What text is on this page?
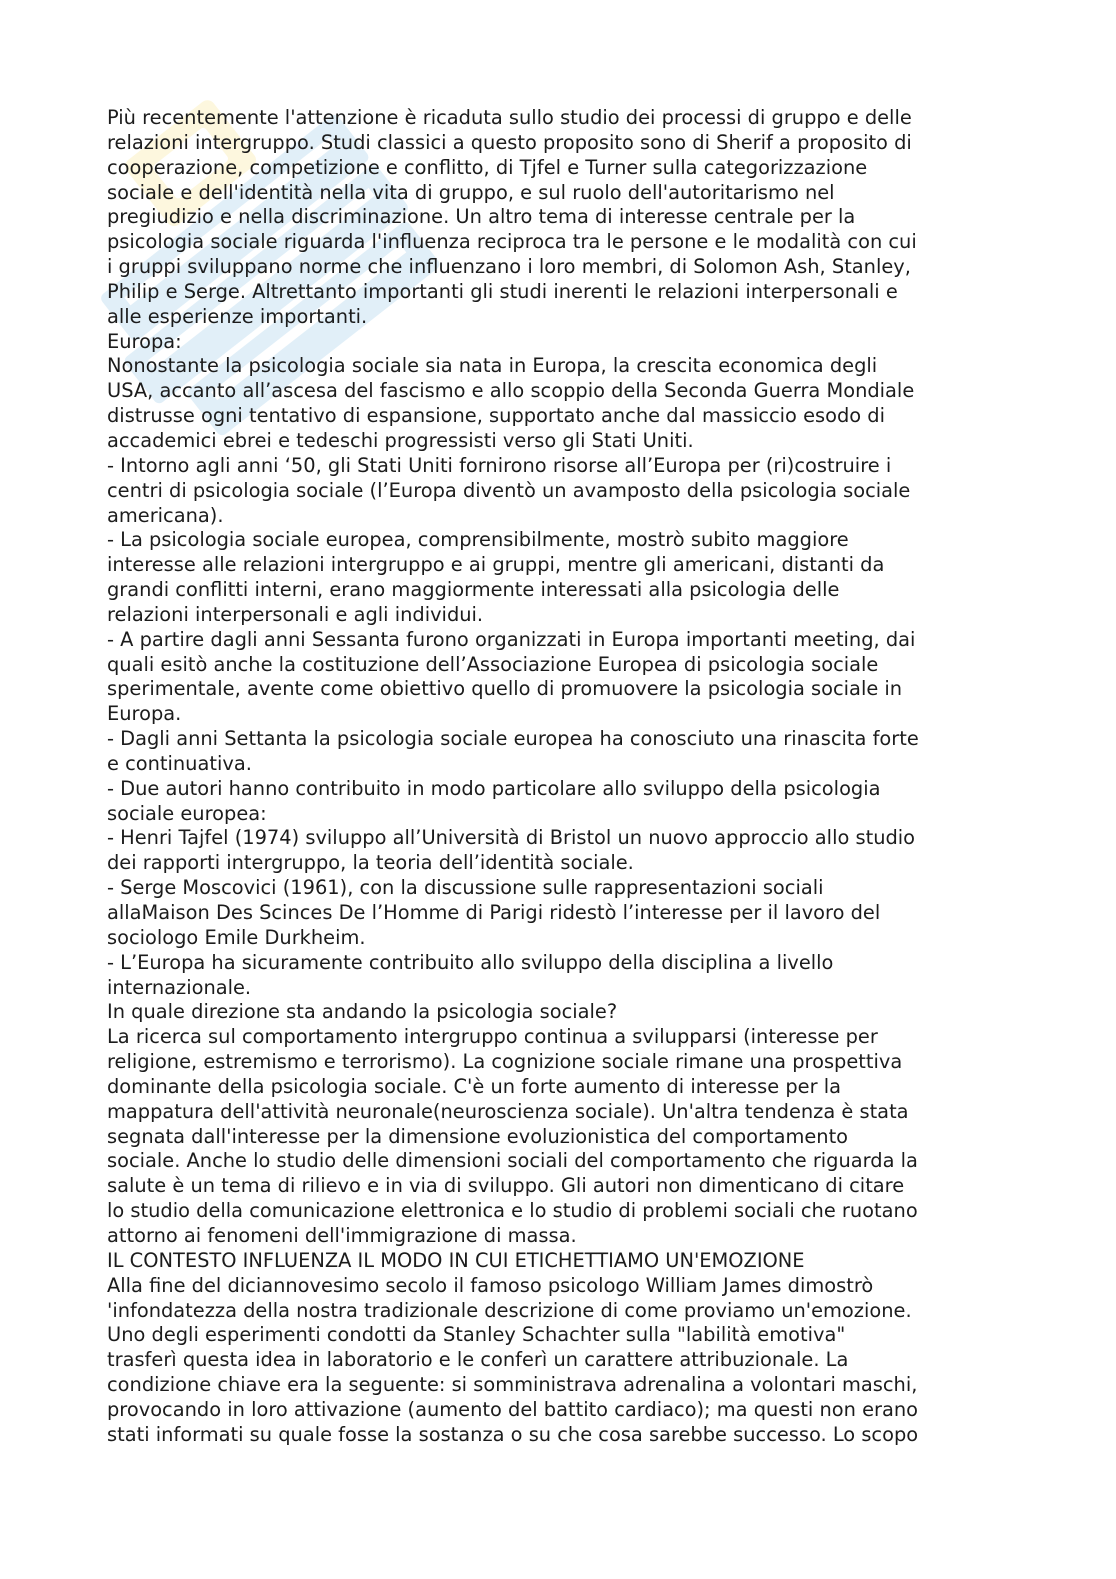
Più recentemente l'attenzione è ricaduta sullo studio dei processi di gruppo e delle

relazioni intergruppo. Studi classici a questo proposito sono di Sherif a proposito di

cooperazione, competizione e conflitto, di Tjfel e Turner sulla categorizzazione

sociale e dell'identità nella vita di gruppo, e sul ruolo dell'autoritarismo nel

pregiudizio e nella discriminazione. Un altro tema di interesse centrale per la

psicologia sociale riguarda l'influenza reciproca tra le persone e le modalità con cui

i gruppi sviluppano norme che influenzano i loro membri, di Solomon Ash, Stanley,

Philip e Serge. Altrettanto importanti gli studi inerenti le relazioni interpersonali e

alle esperienze importanti.

Europa:

Nonostante la psicologia sociale sia nata in Europa, la crescita economica degli

USA, accanto all’ascesa del fascismo e allo scoppio della Seconda Guerra Mondiale

distrusse ogni tentativo di espansione, supportato anche dal massiccio esodo di

accademici ebrei e tedeschi progressisti verso gli Stati Uniti.

- Intorno agli anni ‘50, gli Stati Uniti fornirono risorse all’Europa per (ri)costruire i

centri di psicologia sociale (l’Europa diventò un avamposto della psicologia sociale

americana).

- La psicologia sociale europea, comprensibilmente, mostrò subito maggiore

interesse alle relazioni intergruppo e ai gruppi, mentre gli americani, distanti da

grandi conflitti interni, erano maggiormente interessati alla psicologia delle

relazioni interpersonali e agli individui.

- A partire dagli anni Sessanta furono organizzati in Europa importanti meeting, dai

quali esitò anche la costituzione dell’Associazione Europea di psicologia sociale

sperimentale, avente come obiettivo quello di promuovere la psicologia sociale in

Europa.

- Dagli anni Settanta la psicologia sociale europea ha conosciuto una rinascita forte

e continuativa.

- Due autori hanno contribuito in modo particolare allo sviluppo della psicologia

sociale europea:

- Henri Tajfel (1974) sviluppo all’Università di Bristol un nuovo approccio allo studio

dei rapporti intergruppo, la teoria dell’identità sociale.

- Serge Moscovici (1961), con la discussione sulle rappresentazioni sociali

allaMaison Des Scinces De l’Homme di Parigi ridestò l’interesse per il lavoro del

sociologo Emile Durkheim.

- L’Europa ha sicuramente contribuito allo sviluppo della disciplina a livello

internazionale.

In quale direzione sta andando la psicologia sociale?

La ricerca sul comportamento intergruppo continua a svilupparsi (interesse per

religione, estremismo e terrorismo). La cognizione sociale rimane una prospettiva

dominante della psicologia sociale. C'è un forte aumento di interesse per la

mappatura dell'attività neuronale(neuroscienza sociale). Un'altra tendenza è stata

segnata dall'interesse per la dimensione evoluzionistica del comportamento

sociale. Anche lo studio delle dimensioni sociali del comportamento che riguarda la

salute è un tema di rilievo e in via di sviluppo. Gli autori non dimenticano di citare

lo studio della comunicazione elettronica e lo studio di problemi sociali che ruotano

attorno ai fenomeni dell'immigrazione di massa.

IL CONTESTO INFLUENZA IL MODO IN CUI ETICHETTIAMO UN'EMOZIONE

Alla fine del diciannovesimo secolo il famoso psicologo William James dimostrò

'infondatezza della nostra tradizionale descrizione di come proviamo un'emozione.

Uno degli esperimenti condotti da Stanley Schachter sulla "labilità emotiva"

trasferì questa idea in laboratorio e le conferì un carattere attribuzionale. La

condizione chiave era la seguente: si somministrava adrenalina a volontari maschi,

provocando in loro attivazione (aumento del battito cardiaco); ma questi non erano

stati informati su quale fosse la sostanza o su che cosa sarebbe successo. Lo scopo
